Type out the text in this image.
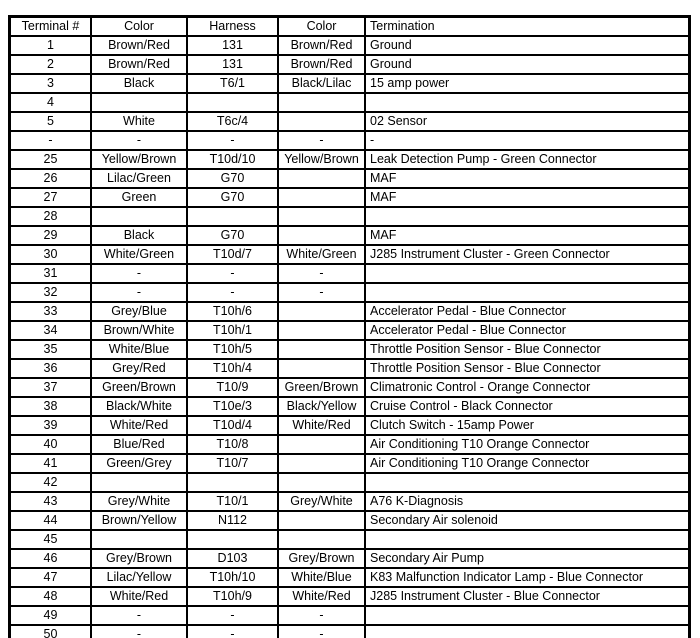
Terminal #	Color	Harness	Color	Termination
1	Brown/Red	131	Brown/Red	Ground
2	Brown/Red	131	Brown/Red	Ground
3	Black	T6/1	Black/Lilac	15 amp power
4				
5	White	T6c/4		02 Sensor
-	-	-	-	-
25	Yellow/Brown	T10d/10	Yellow/Brown	Leak Detection Pump - Green Connector
26	Lilac/Green	G70		MAF
27	Green	G70		MAF
28				
29	Black	G70		MAF
30	White/Green	T10d/7	White/Green	J285 Instrument Cluster - Green Connector
31	-	-	-	
32	-	-	-	
33	Grey/Blue	T10h/6		Accelerator Pedal - Blue Connector
34	Brown/White	T10h/1		Accelerator Pedal - Blue Connector
35	White/Blue	T10h/5		Throttle Position Sensor - Blue Connector
36	Grey/Red	T10h/4		Throttle Position Sensor - Blue Connector
37	Green/Brown	T10/9	Green/Brown	Climatronic Control - Orange Connector
38	Black/White	T10e/3	Black/Yellow	Cruise Control - Black Connector
39	White/Red	T10d/4	White/Red	Clutch Switch - 15amp Power
40	Blue/Red	T10/8		Air Conditioning T10 Orange Connector
41	Green/Grey	T10/7		Air Conditioning T10 Orange Connector
42				
43	Grey/White	T10/1	Grey/White	A76 K-Diagnosis
44	Brown/Yellow	N112		Secondary Air solenoid
45				
46	Grey/Brown	D103	Grey/Brown	Secondary Air Pump
47	Lilac/Yellow	T10h/10	White/Blue	K83 Malfunction Indicator Lamp - Blue Connector
48	White/Red	T10h/9	White/Red	J285 Instrument Cluster - Blue Connector
49	-	-	-	
50	-	-	-	
